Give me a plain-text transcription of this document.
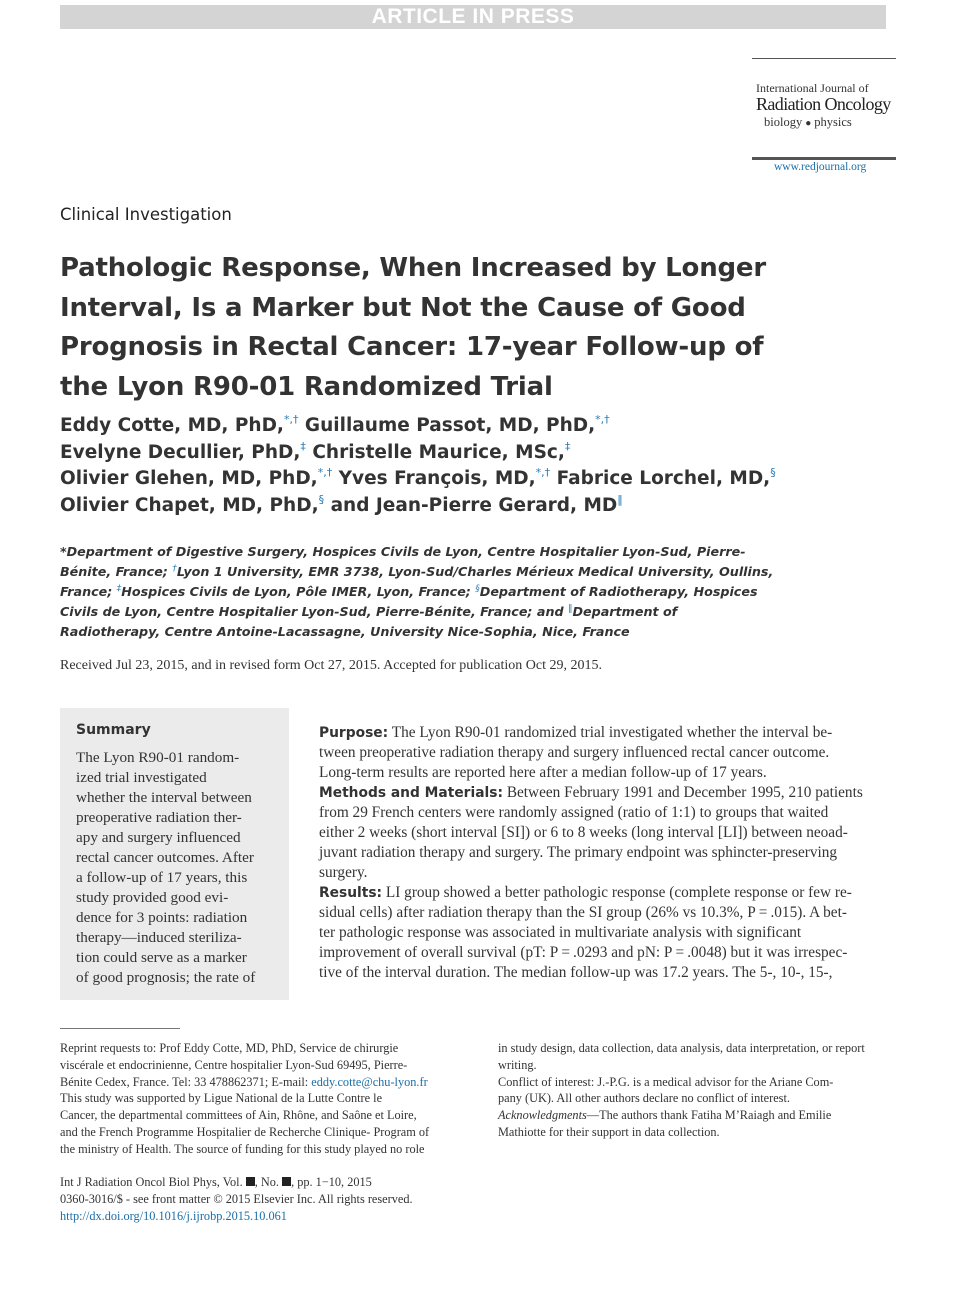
ARTICLE IN PRESS
International Journal of
Radiation Oncology
biology ● physics
www.redjournal.org
Clinical Investigation
Pathologic Response, When Increased by Longer Interval, Is a Marker but Not the Cause of Good Prognosis in Rectal Cancer: 17-year Follow-up of the Lyon R90-01 Randomized Trial
Eddy Cotte, MD, PhD,*,† Guillaume Passot, MD, PhD,*,†
Evelyne Decullier, PhD,‡ Christelle Maurice, MSc,‡
Olivier Glehen, MD, PhD,*,† Yves François, MD,*,† Fabrice Lorchel, MD,§
Olivier Chapet, MD, PhD,§ and Jean-Pierre Gerard, MD‖
*Department of Digestive Surgery, Hospices Civils de Lyon, Centre Hospitalier Lyon-Sud, Pierre-
Bénite, France; †Lyon 1 University, EMR 3738, Lyon-Sud/Charles Mérieux Medical University, Oullins,
France; ‡Hospices Civils de Lyon, Pôle IMER, Lyon, France; §Department of Radiotherapy, Hospices
Civils de Lyon, Centre Hospitalier Lyon-Sud, Pierre-Bénite, France; and ‖Department of
Radiotherapy, Centre Antoine-Lacassagne, University Nice-Sophia, Nice, France
Received Jul 23, 2015, and in revised form Oct 27, 2015. Accepted for publication Oct 29, 2015.
Summary
The Lyon R90-01 random-
ized trial investigated
whether the interval between
preoperative radiation ther-
apy and surgery influenced
rectal cancer outcomes. After
a follow-up of 17 years, this
study provided good evi-
dence for 3 points: radiation
therapy—induced steriliza-
tion could serve as a marker
of good prognosis; the rate of
Purpose: The Lyon R90-01 randomized trial investigated whether the interval be-
tween preoperative radiation therapy and surgery influenced rectal cancer outcome.
Long-term results are reported here after a median follow-up of 17 years.
Methods and Materials: Between February 1991 and December 1995, 210 patients
from 29 French centers were randomly assigned (ratio of 1:1) to groups that waited
either 2 weeks (short interval [SI]) or 6 to 8 weeks (long interval [LI]) between neoad-
juvant radiation therapy and surgery. The primary endpoint was sphincter-preserving
surgery.
Results: LI group showed a better pathologic response (complete response or few re-
sidual cells) after radiation therapy than the SI group (26% vs 10.3%, P = .015). A bet-
ter pathologic response was associated in multivariate analysis with significant
improvement of overall survival (pT: P = .0293 and pN: P = .0048) but it was irrespec-
tive of the interval duration. The median follow-up was 17.2 years. The 5-, 10-, 15-,
Reprint requests to: Prof Eddy Cotte, MD, PhD, Service de chirurgie
viscérale et endocrinienne, Centre hospitalier Lyon-Sud 69495, Pierre-
Bénite Cedex, France. Tel: 33 478862371; E-mail: eddy.cotte@chu-lyon.fr
This study was supported by Ligue National de la Lutte Contre le
Cancer, the departmental committees of Ain, Rhône, and Saône et Loire,
and the French Programme Hospitalier de Recherche Clinique- Program of
the ministry of Health. The source of funding for this study played no role
in study design, data collection, data analysis, data interpretation, or report
writing.
Conflict of interest: J.-P.G. is a medical advisor for the Ariane Com-
pany (UK). All other authors declare no conflict of interest.
Acknowledgments—The authors thank Fatiha M’Raiagh and Emilie
Mathiotte for their support in data collection.
Int J Radiation Oncol Biol Phys, Vol. , No. , pp. 1−10, 2015
0360-3016/$ - see front matter © 2015 Elsevier Inc. All rights reserved.
http://dx.doi.org/10.1016/j.ijrobp.2015.10.061
